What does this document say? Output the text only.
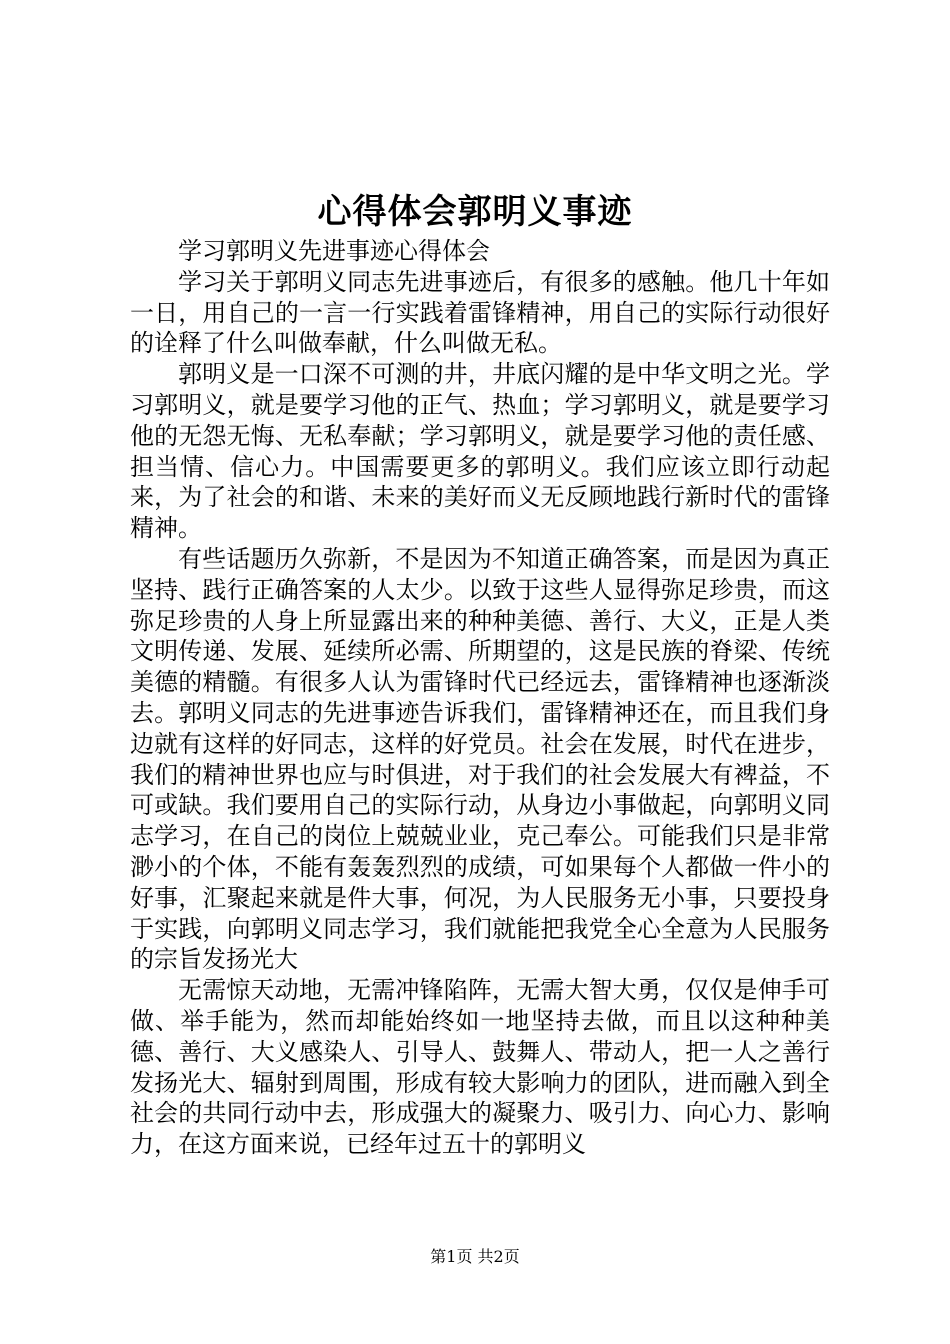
心得体会郭明义事迹

学习郭明义先进事迹心得体会

学习关于郭明义同志先进事迹后，有很多的感触。他几十年如一日，用自己的一言一行实践着雷锋精神，用自己的实际行动很好的诠释了什么叫做奉献，什么叫做无私。

郭明义是一口深不可测的井，井底闪耀的是中华文明之光。学习郭明义，就是要学习他的正气、热血；学习郭明义，就是要学习他的无怨无悔、无私奉献；学习郭明义，就是要学习他的责任感、担当情、信心力。中国需要更多的郭明义。我们应该立即行动起来，为了社会的和谐、未来的美好而义无反顾地践行新时代的雷锋精神。

有些话题历久弥新，不是因为不知道正确答案，而是因为真正坚持、践行正确答案的人太少。以致于这些人显得弥足珍贵，而这弥足珍贵的人身上所显露出来的种种美德、善行、大义，正是人类文明传递、发展、延续所必需、所期望的，这是民族的脊梁、传统美德的精髓。有很多人认为雷锋时代已经远去，雷锋精神也逐渐淡去。郭明义同志的先进事迹告诉我们，雷锋精神还在，而且我们身边就有这样的好同志，这样的好党员。社会在发展，时代在进步，我们的精神世界也应与时俱进，对于我们的社会发展大有裨益，不可或缺。我们要用自己的实际行动，从身边小事做起，向郭明义同志学习，在自己的岗位上兢兢业业，克己奉公。可能我们只是非常渺小的个体，不能有轰轰烈烈的成绩，可如果每个人都做一件小的好事，汇聚起来就是件大事，何况，为人民服务无小事，只要投身于实践，向郭明义同志学习，我们就能把我党全心全意为人民服务的宗旨发扬光大

无需惊天动地，无需冲锋陷阵，无需大智大勇，仅仅是伸手可做、举手能为，然而却能始终如一地坚持去做，而且以这种种美德、善行、大义感染人、引导人、鼓舞人、带动人，把一人之善行发扬光大、辐射到周围，形成有较大影响力的团队，进而融入到全社会的共同行动中去，形成强大的凝聚力、吸引力、向心力、影响力，在这方面来说，已经年过五十的郭明义

第1页 共2页
